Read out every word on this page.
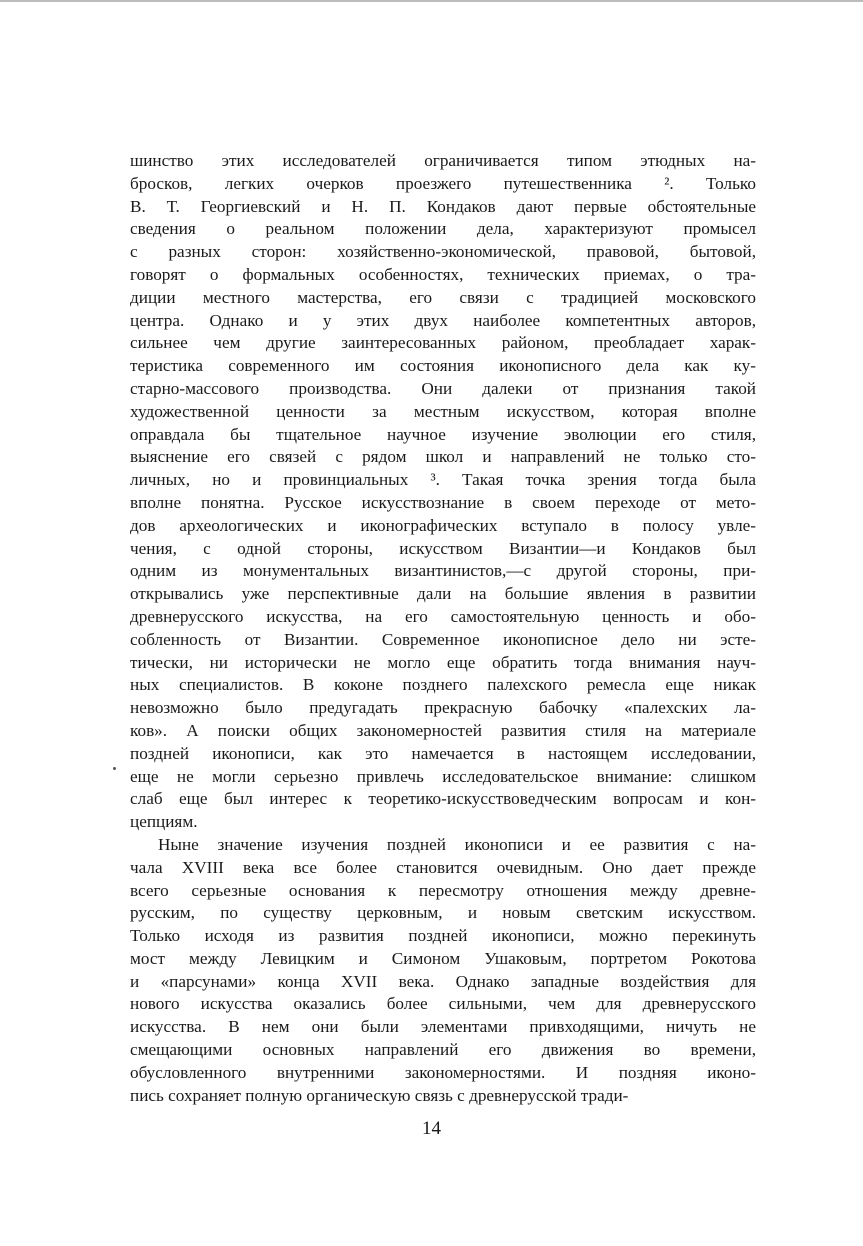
шинство этих исследователей ограничивается типом этюдных на-
бросков, легких очерков проезжего путешественника ². Только
В. Т. Георгиевский и Н. П. Кондаков дают первые обстоятельные
сведения о реальном положении дела, характеризуют промысел
с разных сторон: хозяйственно-экономической, правовой, бытовой,
говорят о формальных особенностях, технических приемах, о тра-
диции местного мастерства, его связи с традицией московского
центра. Однако и у этих двух наиболее компетентных авторов,
сильнее чем другие заинтересованных районом, преобладает харак-
теристика современного им состояния иконописного дела как ку-
старно-массового производства. Они далеки от признания такой
художественной ценности за местным искусством, которая вполне
оправдала бы тщательное научное изучение эволюции его стиля,
выяснение его связей с рядом школ и направлений не только сто-
личных, но и провинциальных ³. Такая точка зрения тогда была
вполне понятна. Русское искусствознание в своем переходе от мето-
дов археологических и иконографических вступало в полосу увле-
чения, с одной стороны, искусством Византии—и Кондаков был
одним из монументальных византинистов,—с другой стороны, при-
открывались уже перспективные дали на большие явления в развитии
древнерусского искусства, на его самостоятельную ценность и обо-
собленность от Византии. Современное иконописное дело ни эсте-
тически, ни исторически не могло еще обратить тогда внимания науч-
ных специалистов. В коконе позднего палехского ремесла еще никак
невозможно было предугадать прекрасную бабочку «палехских ла-
ков». А поиски общих закономерностей развития стиля на материале
поздней иконописи, как это намечается в настоящем исследовании,
еще не могли серьезно привлечь исследовательское внимание: слишком
слаб еще был интерес к теоретико-искусствоведческим вопросам и кон-
цепциям.
Ныне значение изучения поздней иконописи и ее развития с на-
чала XVIII века все более становится очевидным. Оно дает прежде
всего серьезные основания к пересмотру отношения между древне-
русским, по существу церковным, и новым светским искусством.
Только исходя из развития поздней иконописи, можно перекинуть
мост между Левицким и Симоном Ушаковым, портретом Рокотова
и «парсунами» конца XVII века. Однако западные воздействия для
нового искусства оказались более сильными, чем для древнерусского
искусства. В нем они были элементами привходящими, ничуть не
смещающими основных направлений его движения во времени,
обусловленного внутренними закономерностями. И поздняя иконо-
пись сохраняет полную органическую связь с древнерусской тради-
14
